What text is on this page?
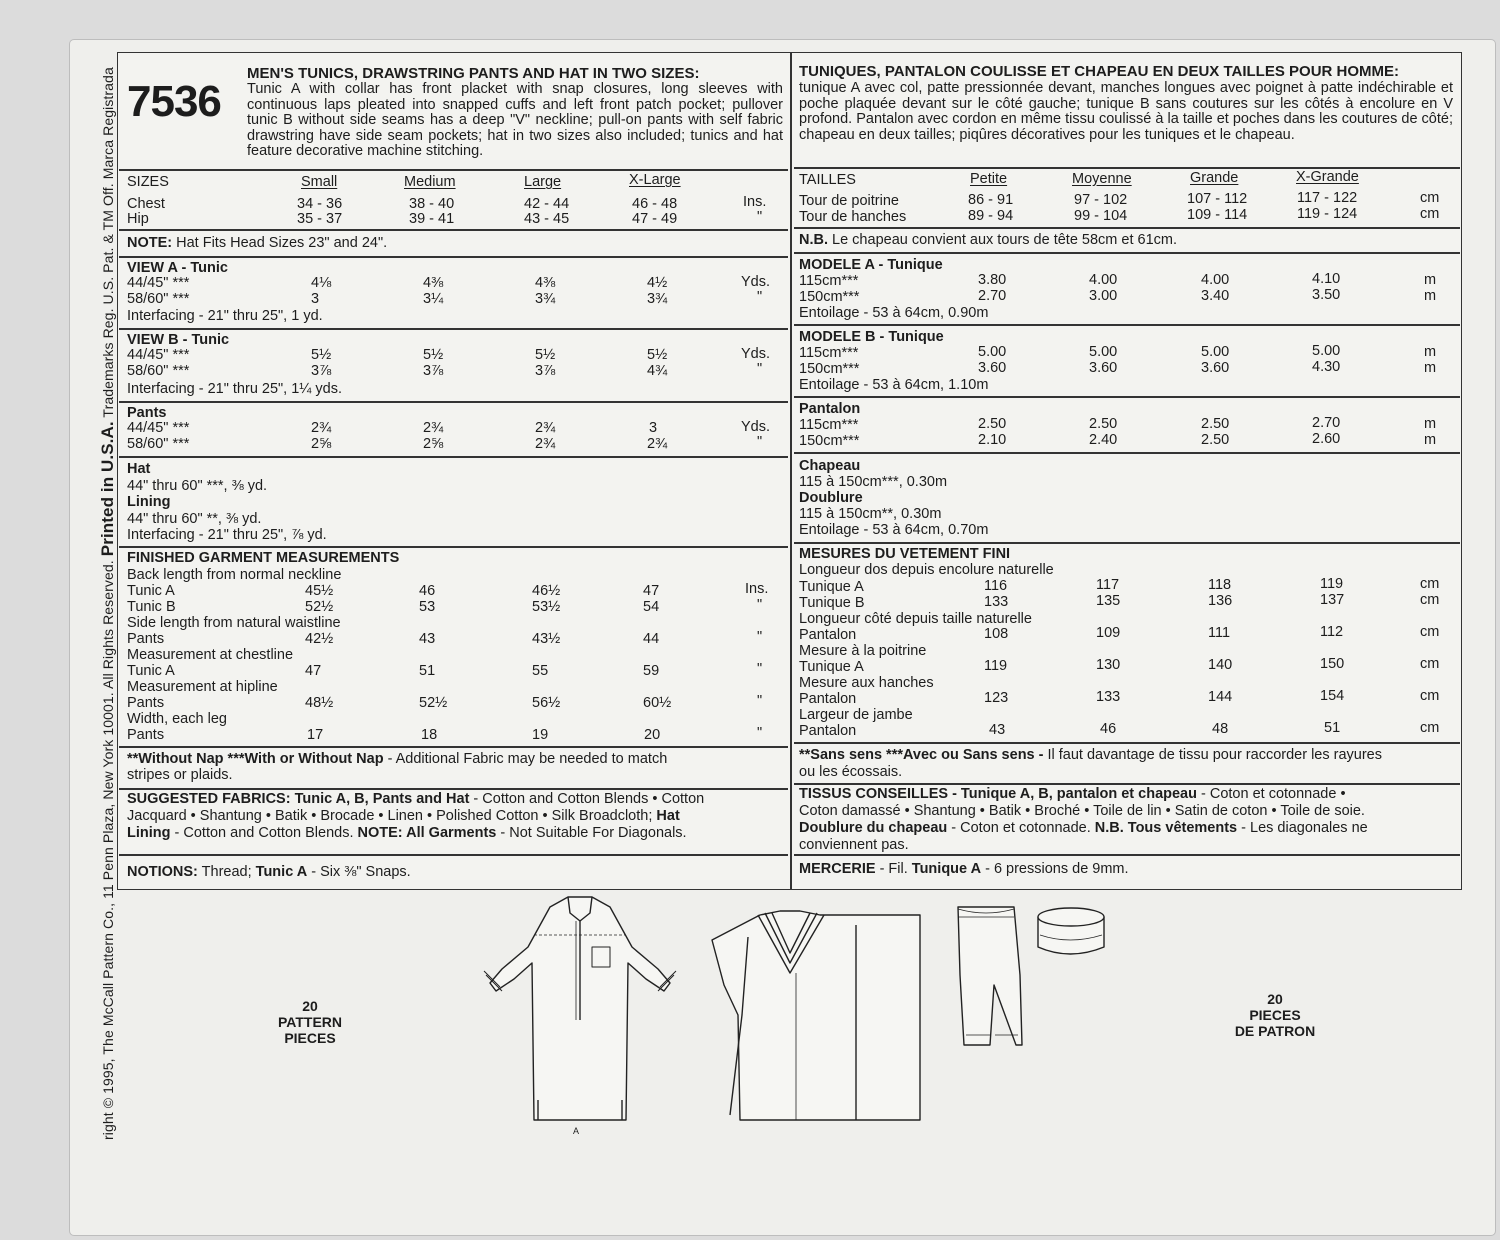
right © 1995, The McCall Pattern Co., 11 Penn Plaza, New York 10001. All Rights Reserved. Printed in U.S.A. Trademarks Reg. U.S. Pat. & TM Off. Marca Registrada 7536
MEN'S TUNICS, DRAWSTRING PANTS AND HAT IN TWO SIZES:
Tunic A with collar has front placket with snap closures, long sleeves with continuous laps pleated into snapped cuffs and left front patch pocket; pullover tunic B without side seams has a deep "V" neckline; pull-on pants with self fabric drawstring have side seam pockets; hat in two sizes also included; tunics and hat feature decorative machine stitching.
SIZES	Small	Medium	Large	X-Large
Chest	34 - 36	38 - 40	42 - 44	46 - 48	Ins.
Hip	35 - 37	39 - 41	43 - 45	47 - 49	"
NOTE: Hat Fits Head Sizes 23" and 24".
VIEW A - Tunic
44/45" ***	4⅛	4⅜	4⅜	4½	Yds.
58/60" ***	3	3¼	3¾	3¾	"
Interfacing - 21" thru 25", 1 yd.
VIEW B - Tunic
44/45" ***	5½	5½	5½	5½	Yds.
58/60" ***	3⅞	3⅞	3⅞	4¾	"
Interfacing - 21" thru 25", 1¼ yds.
Pants
44/45" ***	2¾	2¾	2¾	3	Yds.
58/60" ***	2⅝	2⅝	2¾	2¾	"
Hat
44" thru 60" ***, ⅜ yd.
Lining
44" thru 60" **, ⅜ yd.
Interfacing - 21" thru 25", ⅞ yd.
FINISHED GARMENT MEASUREMENTS
Back length from normal neckline
Tunic A	45½	46	46½	47	Ins.
Tunic B	52½	53	53½	54	"
Side length from natural waistline
Pants	42½	43	43½	44	"
Measurement at chestline
Tunic A	47	51	55	59	"
Measurement at hipline
Pants	48½	52½	56½	60½	"
Width, each leg
Pants	17	18	19	20	"
**Without Nap ***With or Without Nap - Additional Fabric may be needed to match
stripes or plaids.
SUGGESTED FABRICS: Tunic A, B, Pants and Hat - Cotton and Cotton Blends • Cotton
Jacquard • Shantung • Batik • Brocade • Linen • Polished Cotton • Silk Broadcloth; Hat
Lining - Cotton and Cotton Blends. NOTE: All Garments - Not Suitable For Diagonals.
NOTIONS: Thread; Tunic A - Six ⅜" Snaps.
TUNIQUES, PANTALON COULISSE ET CHAPEAU EN DEUX TAILLES POUR HOMME:
tunique A avec col, patte pressionnée devant, manches longues avec poignet à patte indéchirable et poche plaquée devant sur le côté gauche; tunique B sans coutures sur les côtés à encolure en V profond. Pantalon avec cordon en même tissu coulissé à la taille et poches dans les coutures de côté; chapeau en deux tailles; piqûres décoratives pour les tuniques et le chapeau.
TAILLES	Petite	Moyenne	Grande	X-Grande
Tour de poitrine	86 - 91	97 - 102	107 - 112	117 - 122	cm
Tour de hanches	89 - 94	99 - 104	109 - 114	119 - 124	cm
N.B. Le chapeau convient aux tours de tête 58cm et 61cm.
MODELE A - Tunique
115cm***	3.80	4.00	4.00	4.10	m
150cm***	2.70	3.00	3.40	3.50	m
Entoilage - 53 à 64cm, 0.90m
MODELE B - Tunique
115cm***	5.00	5.00	5.00	5.00	m
150cm***	3.60	3.60	3.60	4.30	m
Entoilage - 53 à 64cm, 1.10m
Pantalon
115cm***	2.50	2.50	2.50	2.70	m
150cm***	2.10	2.40	2.50	2.60	m
Chapeau
115 à 150cm***, 0.30m
Doublure
115 à 150cm**, 0.30m
Entoilage - 53 à 64cm, 0.70m
MESURES DU VETEMENT FINI
Longueur dos depuis encolure naturelle
Tunique A	116	117	118	119	cm
Tunique B	133	135	136	137	cm
Longueur côté depuis taille naturelle
Pantalon	108	109	111	112	cm
Mesure à la poitrine
Tunique A	119	130	140	150	cm
Mesure aux hanches
Pantalon	123	133	144	154	cm
Largeur de jambe
Pantalon	43	46	48	51	cm
**Sans sens ***Avec ou Sans sens - Il faut davantage de tissu pour raccorder les rayures
ou les écossais.
TISSUS CONSEILLES - Tunique A, B, pantalon et chapeau - Coton et cotonnade •
Coton damassé • Shantung • Batik • Broché • Toile de lin • Satin de coton • Toile de soie.
Doublure du chapeau - Coton et cotonnade. N.B. Tous vêtements - Les diagonales ne
conviennent pas.
MERCERIE - Fil. Tunique A - 6 pressions de 9mm.
20
PATTERN
PIECES
20
PIECES
DE PATRON
A
